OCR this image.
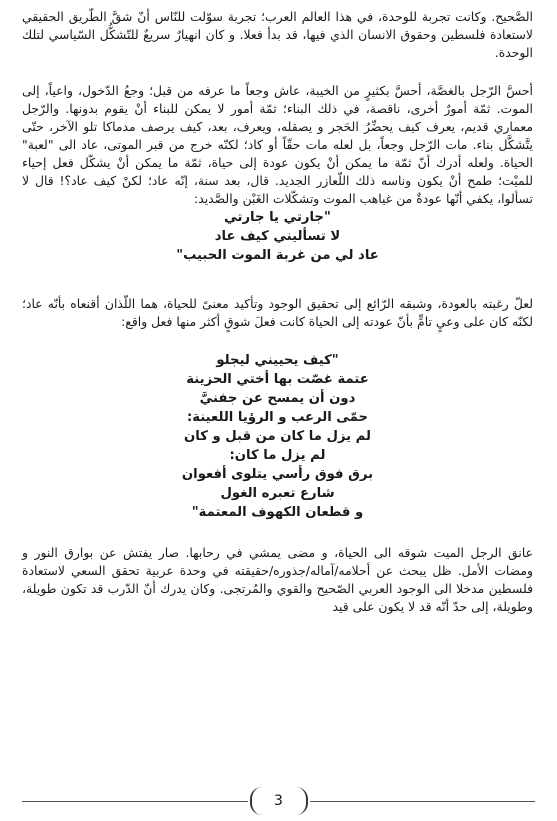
الصَّحيح. وكانت تجربة للوحدة، في هذا العالم العرب؛ تجربة سوّلت للنّاس أنّ شقَّ الطّريق الحقيقي لاستعادة فلسطين وحقوق الانسان الذي فيها، قد بدأ فعلا. و كان انهيارٌ سريعٌ للتّشكُّل السّياسي لتلك الوحدة.

أحسَّ الرّجل بالغصَّة، أحسَّ بكثيرٍ من الخيبة، عاش وجعاً ما عرفه من قبل؛ وجعُ الدّخول، واعياً، إلى الموت. ثمّة أمورٌ أخرى، ناقصة، في ذلك البناء؛ ثمّة أمور لا يمكن للبناء أنْ يقوم بدونها. والرّجل معماري قديم، يعرف كيف يحضِّرُ الحَجر و يصقله، ويعرف، بعد، كيف يرصف مدماكا تلو الآخر، حتّى يتَّشكَّل بناء. مات الرّجل وجعاً، بل لعله مات حقّاً أو كاد؛ لكنّه خرج من قبر الموتى، عاد الى "لعبة" الحياة. ولعله أدرك أنّ ثمّة ما يمكن أنْ يكون عودة إلى حياة، ثمّة ما يمكن أنْ يشكّل فعل إحياء للميْت؛ طمح أنْ يكون وناسه ذلك اللّعازر الجديد. قال، بعد سنة، إنّه عاد؛ لكنْ كيف عاد؟! قال لا تسألوا، يكفي أنّها عودةٌ من غياهب الموت وتشكّلات الغَبْن والصَّديد:

"جارتي يا جارتي
لا تسأليني كيف عاد
عاد لي من غربة الموت الحبيب"

لعلّ رغبته بالعودة، وشبقه الرّائع إلى تحقيق الوجود وتأكيد معنىً للحياة، هما اللّذان أقنعاه بأنّه عاد؛ لكنّه كان على وعيٍ تامٍّ بأنّ عودته إلى الحياة كانت فعلَ شوقٍ أكثر منها فعل واقع:

"كيف يحييني ليجلو
عتمة غصّت بها أختي الحزينة
دون أن يمسح عن جفنيَّ
حمّى الرعب و الرؤيا اللعينة:
لم يزل ما كان من قبل و كان
لم يزل ما كان:
برق فوق رأسي يتلوى أفعوان
شارع تعبره الغول
و قطعان الكهوف المعتمة"

عانق الرجل الميت شوقه الى الحياة، و مضى يمشي في رحابها. صار يفتش عن بوارق النور و ومضات الأمل. ظل يبحث عن أحلامه/آماله/جذوره/حقيقته في وحدة عربية تحقق السعي لاستعادة فلسطين مدخلا الى الوجود العربي الصّحيح والقوي والمُرتجى. وكان يدرك أنّ الدّرب قد تكون طويلة، وطويلة، إلى حدّ أنّه قد لا يكون على قيد

3
